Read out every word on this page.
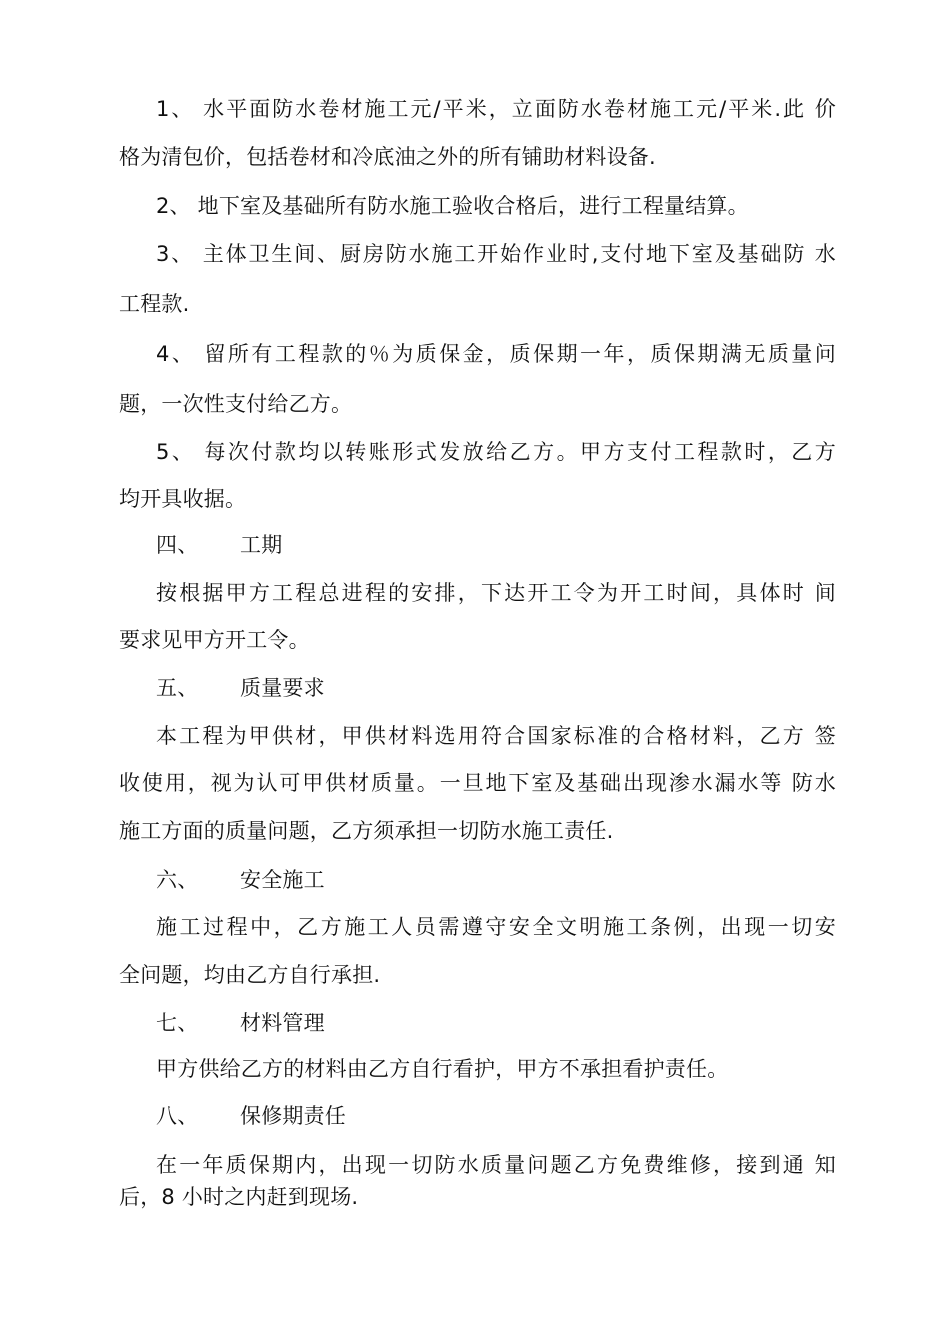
1、 水平面防水卷材施工元/平米，立面防水卷材施工元/平米.此 价
格为清包价，包括卷材和冷底油之外的所有铺助材料设备.
2、 地下室及基础所有防水施工验收合格后，进行工程量结算。
3、 主体卫生间、厨房防水施工开始作业时,支付地下室及基础防 水
工程款.
4、 留所有工程款的％为质保金，质保期一年，质保期满无质量问
题，一次性支付给乙方。
5、 每次付款均以转账形式发放给乙方。甲方支付工程款时，乙方
均开具收据。
四、 工期
按根据甲方工程总进程的安排，下达开工令为开工时间，具体时 间
要求见甲方开工令。
五、 质量要求
本工程为甲供材，甲供材料选用符合国家标准的合格材料，乙方 签
收使用，视为认可甲供材质量。一旦地下室及基础出现渗水漏水等 防水
施工方面的质量问题，乙方须承担一切防水施工责任.
六、 安全施工
施工过程中，乙方施工人员需遵守安全文明施工条例，出现一切安
全问题，均由乙方自行承担.
七、 材料管理
甲方供给乙方的材料由乙方自行看护，甲方不承担看护责任。
八、 保修期责任
在一年质保期内，出现一切防水质量问题乙方免费维修，接到通 知
后，8 小时之内赶到现场.
